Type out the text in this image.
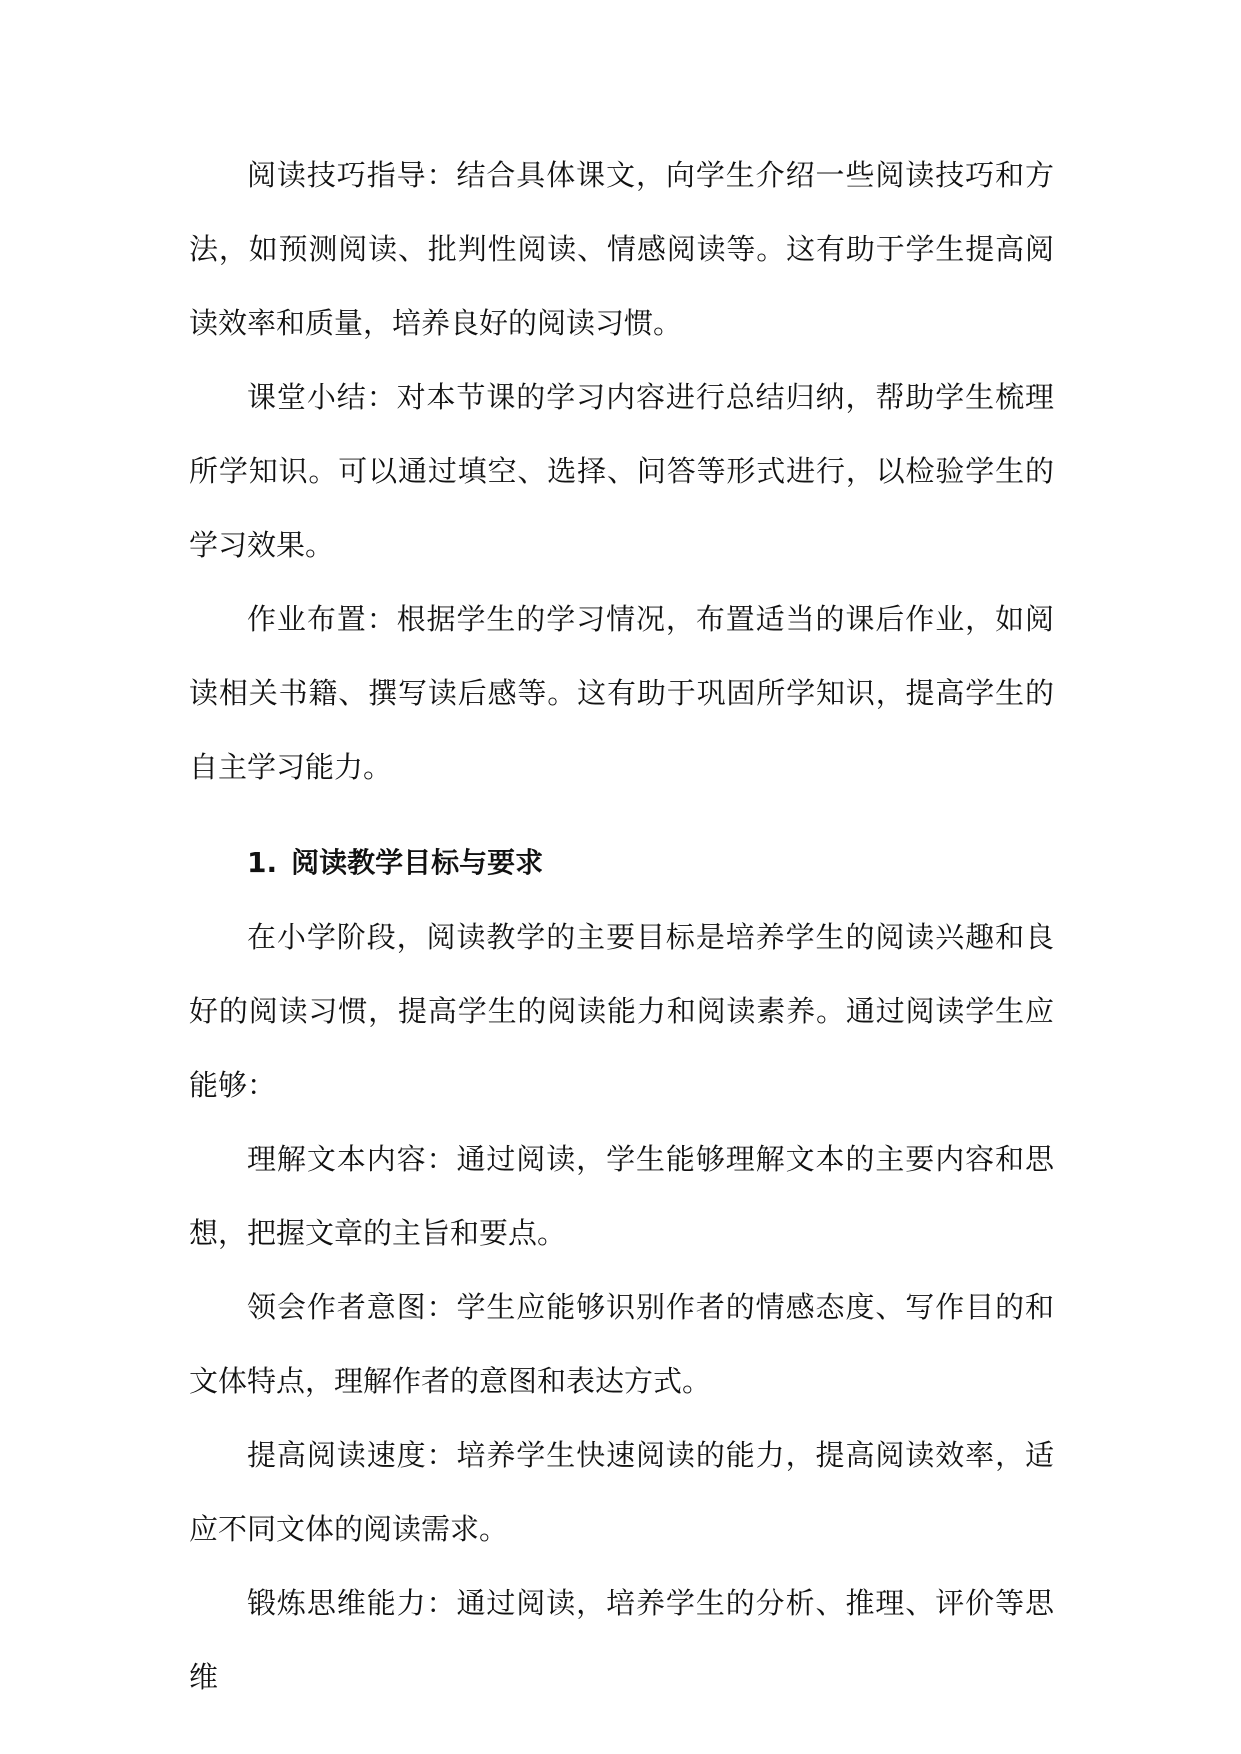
阅读技巧指导：结合具体课文，向学生介绍一些阅读技巧和方法，如预测阅读、批判性阅读、情感阅读等。这有助于学生提高阅读效率和质量，培养良好的阅读习惯。

课堂小结：对本节课的学习内容进行总结归纳，帮助学生梳理所学知识。可以通过填空、选择、问答等形式进行，以检验学生的学习效果。

作业布置：根据学生的学习情况，布置适当的课后作业，如阅读相关书籍、撰写读后感等。这有助于巩固所学知识，提高学生的自主学习能力。

1. 阅读教学目标与要求

在小学阶段，阅读教学的主要目标是培养学生的阅读兴趣和良好的阅读习惯，提高学生的阅读能力和阅读素养。通过阅读学生应能够：

理解文本内容：通过阅读，学生能够理解文本的主要内容和思想，把握文章的主旨和要点。

领会作者意图：学生应能够识别作者的情感态度、写作目的和文体特点，理解作者的意图和表达方式。

提高阅读速度：培养学生快速阅读的能力，提高阅读效率，适应不同文体的阅读需求。

锻炼思维能力：通过阅读，培养学生的分析、推理、评价等思维
